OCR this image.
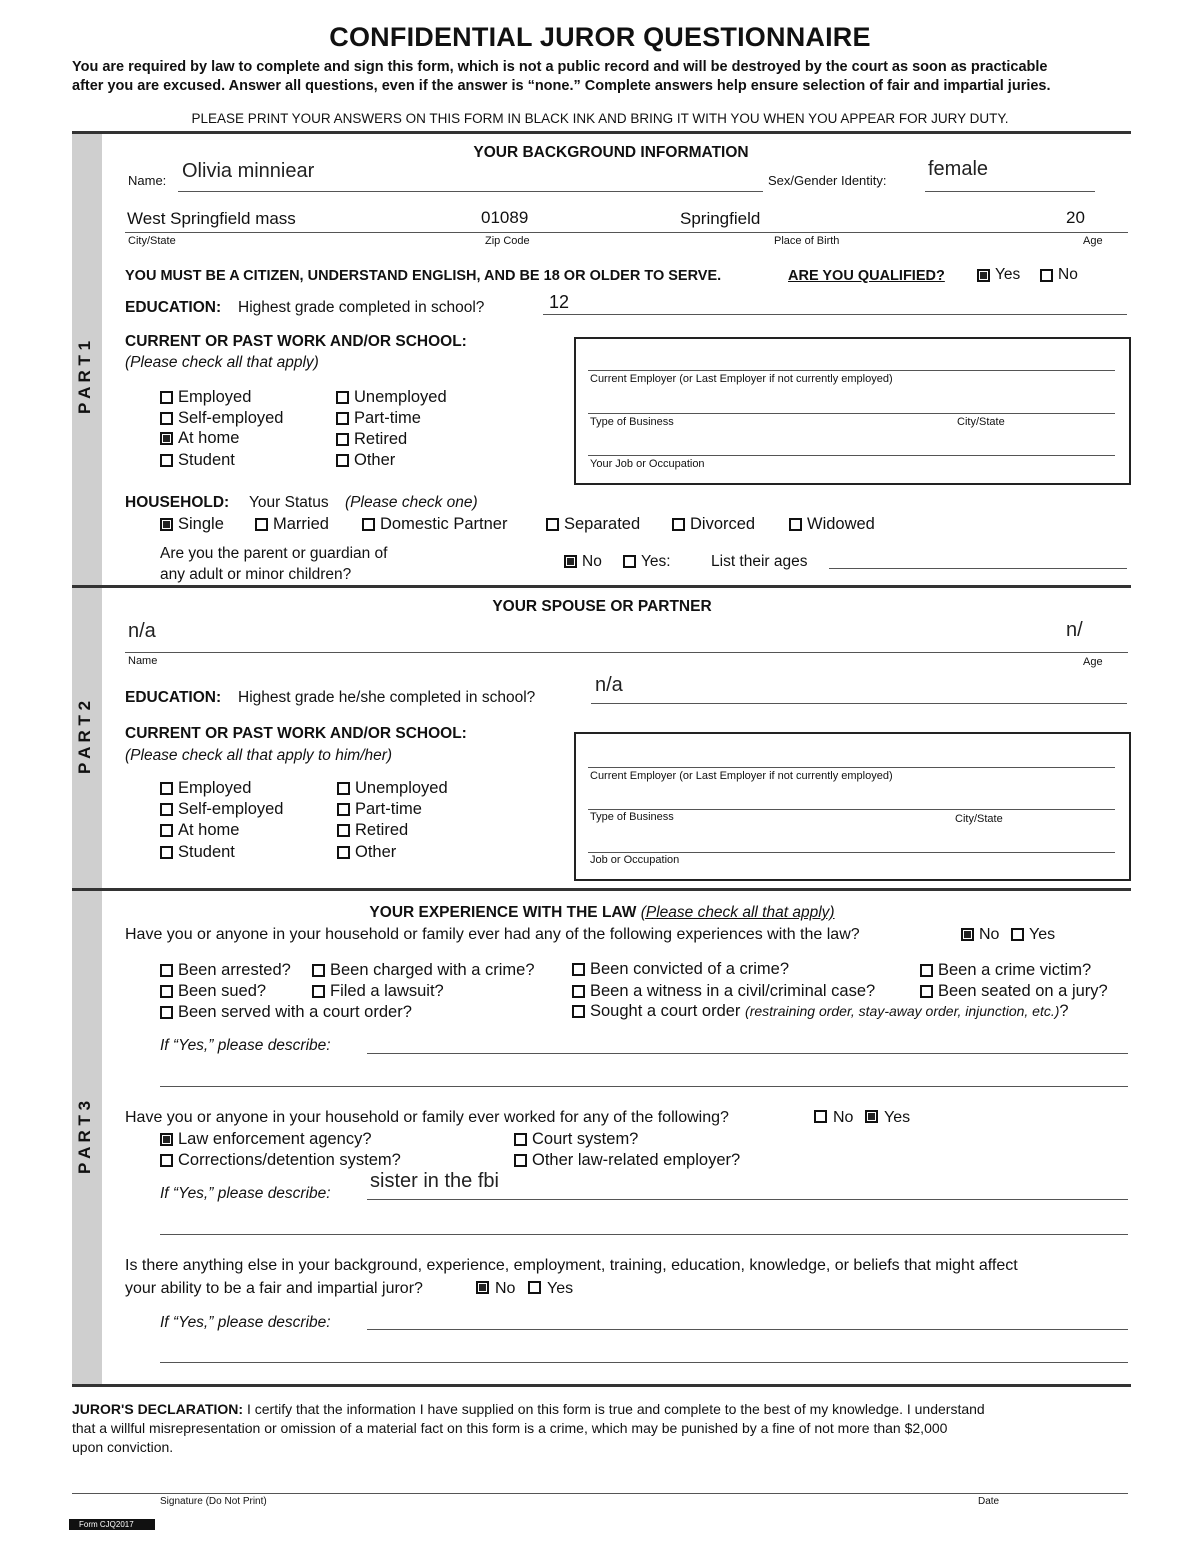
CONFIDENTIAL JUROR QUESTIONNAIRE
You are required by law to complete and sign this form, which is not a public record and will be destroyed by the court as soon as practicable
after you are excused. Answer all questions, even if the answer is “none.” Complete answers help ensure selection of fair and impartial juries.
PLEASE PRINT YOUR ANSWERS ON THIS FORM IN BLACK INK AND BRING IT WITH YOU WHEN YOU APPEAR FOR JURY DUTY.
P A R T 1
P A R T 2
P A R T 3
YOUR BACKGROUND INFORMATION
Name: Olivia minniear	Sex/Gender Identity:
female
West Springfield mass	01089	Springfield	20
City/State	Zip Code	Place of Birth	Age
YOU MUST BE A CITIZEN, UNDERSTAND ENGLISH, AND BE 18 OR OLDER TO SERVE.	ARE YOU QUALIFIED?	Yes No
EDUCATION: Highest grade completed in school?	12
CURRENT OR PAST WORK AND/OR SCHOOL:
(Please check all that apply)
Employed
Self-employed
At home
Student
Unemployed
Part-time
Retired
Other
Current Employer (or Last Employer if not currently employed)
Type of Business	City/State
Your Job or Occupation
HOUSEHOLD: Your Status (Please check one)
Single	Married	Domestic Partner	Separated	Divorced	Widowed
Are you the parent or guardian of
any adult or minor children?
No	Yes:	List their ages
YOUR SPOUSE OR PARTNER
n/a	n/
Name	Age
EDUCATION: Highest grade he/she completed in school?
n/a
CURRENT OR PAST WORK AND/OR SCHOOL:
(Please check all that apply to him/her)
Employed
Self-employed
At home
Student
Unemployed
Part-time
Retired
Other
Current Employer (or Last Employer if not currently employed)
Type of Business	City/State
Job or Occupation
YOUR EXPERIENCE WITH THE LAW (Please check all that apply)
Have you or anyone in your household or family ever had any of the following experiences with the law?	No Yes
Been arrested?	Been charged with a crime?	Been convicted of a crime?	Been a crime victim?
Been sued?	Filed a lawsuit?	Been a witness in a civil/criminal case?	Been seated on a jury?
Been served with a court order?	Sought a court order (restraining order, stay-away order, injunction, etc.)?
If “Yes,” please describe:
Have you or anyone in your household or family ever worked for any of the following?	No Yes
Law enforcement agency?	Court system?
Corrections/detention system?	Other law-related employer?
If “Yes,” please describe:
sister in the fbi
Is there anything else in your background, experience, employment, training, education, knowledge, or beliefs that might affect
your ability to be a fair and impartial juror?	No Yes
If “Yes,” please describe:
JUROR'S DECLARATION: I certify that the information I have supplied on this form is true and complete to the best of my knowledge. I understand
that a willful misrepresentation or omission of a material fact on this form is a crime, which may be punished by a fine of not more than $2,000
upon conviction.
Signature (Do Not Print)	Date
Form CJQ2017
